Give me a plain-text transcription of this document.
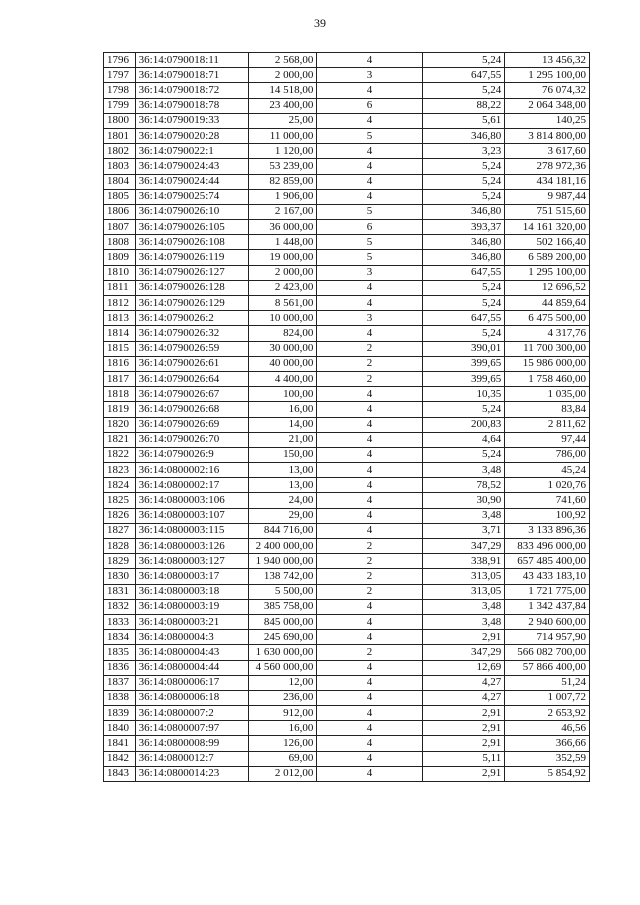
39
1796	36:14:0790018:11	2 568,00	4	5,24	13 456,32
1797	36:14:0790018:71	2 000,00	3	647,55	1 295 100,00
1798	36:14:0790018:72	14 518,00	4	5,24	76 074,32
1799	36:14:0790018:78	23 400,00	6	88,22	2 064 348,00
1800	36:14:0790019:33	25,00	4	5,61	140,25
1801	36:14:0790020:28	11 000,00	5	346,80	3 814 800,00
1802	36:14:0790022:1	1 120,00	4	3,23	3 617,60
1803	36:14:0790024:43	53 239,00	4	5,24	278 972,36
1804	36:14:0790024:44	82 859,00	4	5,24	434 181,16
1805	36:14:0790025:74	1 906,00	4	5,24	9 987,44
1806	36:14:0790026:10	2 167,00	5	346,80	751 515,60
1807	36:14:0790026:105	36 000,00	6	393,37	14 161 320,00
1808	36:14:0790026:108	1 448,00	5	346,80	502 166,40
1809	36:14:0790026:119	19 000,00	5	346,80	6 589 200,00
1810	36:14:0790026:127	2 000,00	3	647,55	1 295 100,00
1811	36:14:0790026:128	2 423,00	4	5,24	12 696,52
1812	36:14:0790026:129	8 561,00	4	5,24	44 859,64
1813	36:14:0790026:2	10 000,00	3	647,55	6 475 500,00
1814	36:14:0790026:32	824,00	4	5,24	4 317,76
1815	36:14:0790026:59	30 000,00	2	390,01	11 700 300,00
1816	36:14:0790026:61	40 000,00	2	399,65	15 986 000,00
1817	36:14:0790026:64	4 400,00	2	399,65	1 758 460,00
1818	36:14:0790026:67	100,00	4	10,35	1 035,00
1819	36:14:0790026:68	16,00	4	5,24	83,84
1820	36:14:0790026:69	14,00	4	200,83	2 811,62
1821	36:14:0790026:70	21,00	4	4,64	97,44
1822	36:14:0790026:9	150,00	4	5,24	786,00
1823	36:14:0800002:16	13,00	4	3,48	45,24
1824	36:14:0800002:17	13,00	4	78,52	1 020,76
1825	36:14:0800003:106	24,00	4	30,90	741,60
1826	36:14:0800003:107	29,00	4	3,48	100,92
1827	36:14:0800003:115	844 716,00	4	3,71	3 133 896,36
1828	36:14:0800003:126	2 400 000,00	2	347,29	833 496 000,00
1829	36:14:0800003:127	1 940 000,00	2	338,91	657 485 400,00
1830	36:14:0800003:17	138 742,00	2	313,05	43 433 183,10
1831	36:14:0800003:18	5 500,00	2	313,05	1 721 775,00
1832	36:14:0800003:19	385 758,00	4	3,48	1 342 437,84
1833	36:14:0800003:21	845 000,00	4	3,48	2 940 600,00
1834	36:14:0800004:3	245 690,00	4	2,91	714 957,90
1835	36:14:0800004:43	1 630 000,00	2	347,29	566 082 700,00
1836	36:14:0800004:44	4 560 000,00	4	12,69	57 866 400,00
1837	36:14:0800006:17	12,00	4	4,27	51,24
1838	36:14:0800006:18	236,00	4	4,27	1 007,72
1839	36:14:0800007:2	912,00	4	2,91	2 653,92
1840	36:14:0800007:97	16,00	4	2,91	46,56
1841	36:14:0800008:99	126,00	4	2,91	366,66
1842	36:14:0800012:7	69,00	4	5,11	352,59
1843	36:14:0800014:23	2 012,00	4	2,91	5 854,92
